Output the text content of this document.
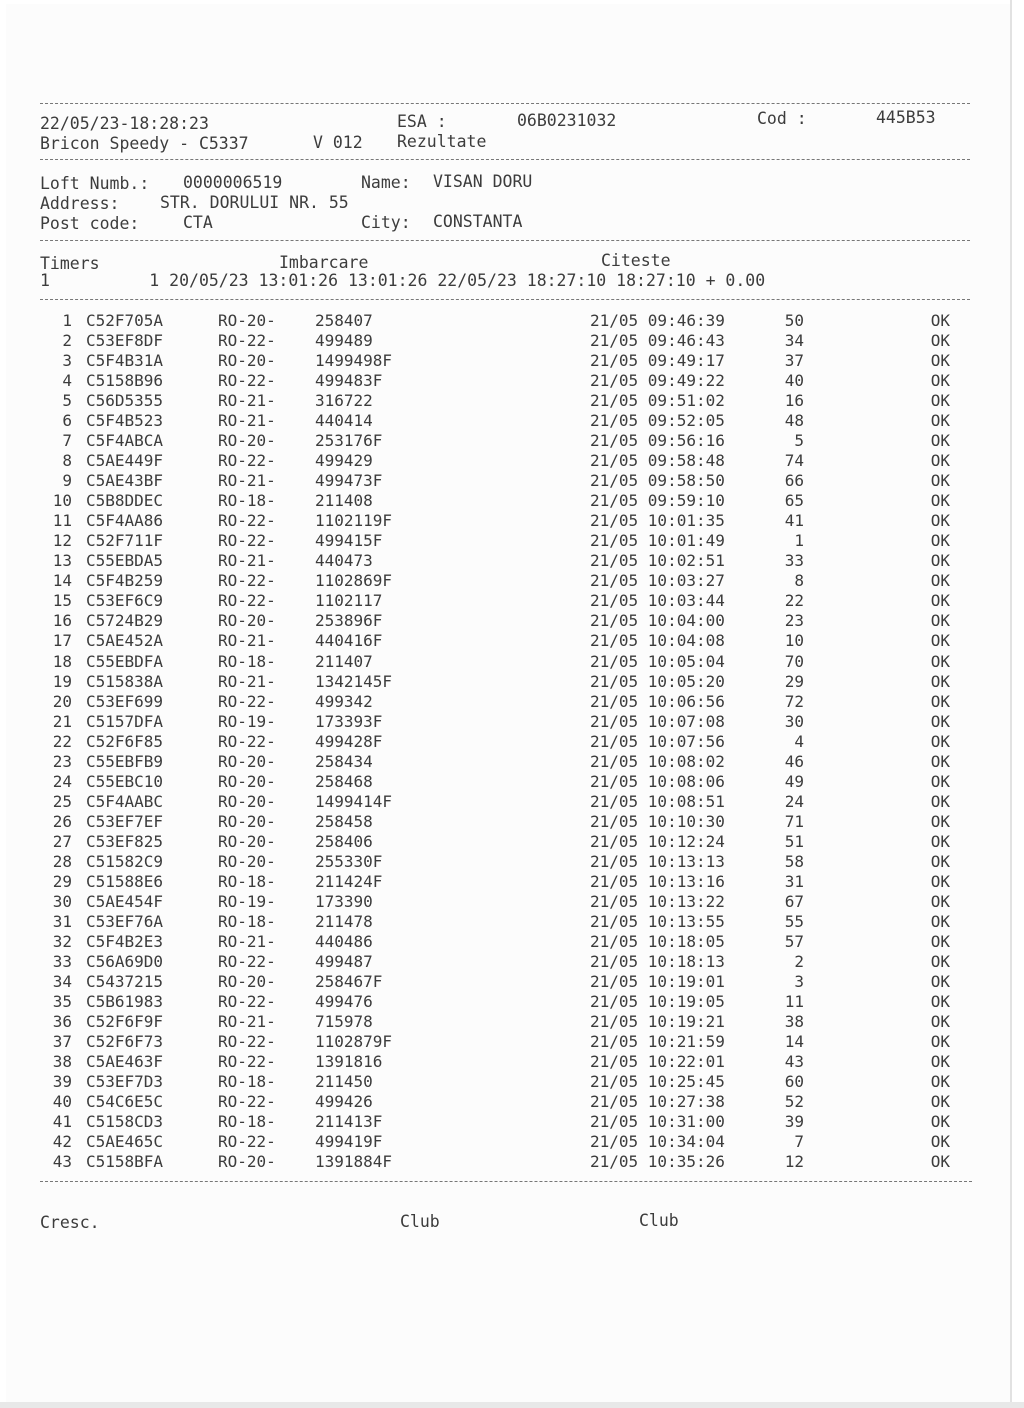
22/05/23-18:28:23	ESA :	06B0231032	Cod :	445B53
Bricon Speedy - C5337	V 012 Rezultate
Loft Numb.: 0000006519	Name: VISAN DORU
Address: STR. DORULUI NR. 55
Post code:	CTA	City: CONSTANTA
Timers	Imbarcare	Citeste
1          1 20/05/23 13:01:26 13:01:26 22/05/23 18:27:10 18:27:10 + 0.00
1 C52F705A	RO-20- 258407	21/05 09:46:39	50	OK
2 C53EF8DF	RO-22- 499489	21/05 09:46:43	34	OK
3 C5F4B31A	RO-20- 1499498F	21/05 09:49:17	37	OK
4 C5158B96	RO-22- 499483F	21/05 09:49:22	40	OK
5 C56D5355	RO-21- 316722	21/05 09:51:02	16	OK
6 C5F4B523	RO-21- 440414	21/05 09:52:05	48	OK
7 C5F4ABCA	RO-20- 253176F	21/05 09:56:16	5	OK
8 C5AE449F	RO-22- 499429	21/05 09:58:48	74	OK
9 C5AE43BF	RO-21- 499473F	21/05 09:58:50	66	OK
10 C5B8DDEC	RO-18- 211408	21/05 09:59:10	65	OK
11 C5F4AA86	RO-22- 1102119F	21/05 10:01:35	41	OK
12 C52F711F	RO-22- 499415F	21/05 10:01:49	1	OK
13 C55EBDA5	RO-21- 440473	21/05 10:02:51	33	OK
14 C5F4B259	RO-22- 1102869F	21/05 10:03:27	8	OK
15 C53EF6C9	RO-22- 1102117	21/05 10:03:44	22	OK
16 C5724B29	RO-20- 253896F	21/05 10:04:00	23	OK
17 C5AE452A	RO-21- 440416F	21/05 10:04:08	10	OK
18 C55EBDFA	RO-18- 211407	21/05 10:05:04	70	OK
19 C515838A	RO-21- 1342145F	21/05 10:05:20	29	OK
20 C53EF699	RO-22- 499342	21/05 10:06:56	72	OK
21 C5157DFA	RO-19- 173393F	21/05 10:07:08	30	OK
22 C52F6F85	RO-22- 499428F	21/05 10:07:56	4	OK
23 C55EBFB9	RO-20- 258434	21/05 10:08:02	46	OK
24 C55EBC10	RO-20- 258468	21/05 10:08:06	49	OK
25 C5F4AABC	RO-20- 1499414F	21/05 10:08:51	24	OK
26 C53EF7EF	RO-20- 258458	21/05 10:10:30	71	OK
27 C53EF825	RO-20- 258406	21/05 10:12:24	51	OK
28 C51582C9	RO-20- 255330F	21/05 10:13:13	58	OK
29 C51588E6	RO-18- 211424F	21/05 10:13:16	31	OK
30 C5AE454F	RO-19- 173390	21/05 10:13:22	67	OK
31 C53EF76A	RO-18- 211478	21/05 10:13:55	55	OK
32 C5F4B2E3	RO-21- 440486	21/05 10:18:05	57	OK
33 C56A69D0	RO-22- 499487	21/05 10:18:13	2	OK
34 C5437215	RO-20- 258467F	21/05 10:19:01	3	OK
35 C5B61983	RO-22- 499476	21/05 10:19:05	11	OK
36 C52F6F9F	RO-21- 715978	21/05 10:19:21	38	OK
37 C52F6F73	RO-22- 1102879F	21/05 10:21:59	14	OK
38 C5AE463F	RO-22- 1391816	21/05 10:22:01	43	OK
39 C53EF7D3	RO-18- 211450	21/05 10:25:45	60	OK
40 C54C6E5C	RO-22- 499426	21/05 10:27:38	52	OK
41 C5158CD3	RO-18- 211413F	21/05 10:31:00	39	OK
42 C5AE465C	RO-22- 499419F	21/05 10:34:04	7	OK
43 C5158BFA	RO-20- 1391884F	21/05 10:35:26	12	OK
Cresc.	Club	Club
